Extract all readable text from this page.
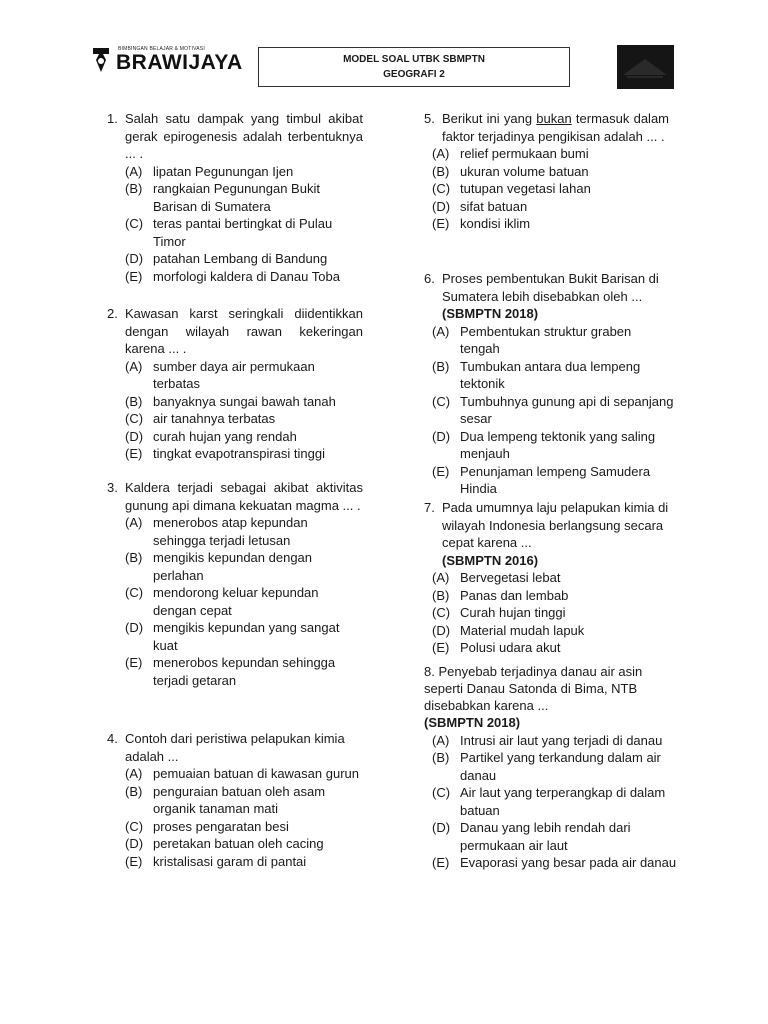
BIMBINGAN BELAJAR & MOTIVASI
BRAWIJAYA	MODEL SOAL UTBK SBMPTN
GEOGRAFI 2
1. Salah satu dampak yang timbul akibat gerak epirogenesis adalah terbentuknya ... .
(A) lipatan Pegunungan Ijen
(B) rangkaian Pegunungan Bukit Barisan di Sumatera
(C) teras pantai bertingkat di Pulau Timor
(D) patahan Lembang di Bandung
(E) morfologi kaldera di Danau Toba
2. Kawasan karst seringkali diidentikkan dengan wilayah rawan kekeringan karena ... .
(A) sumber daya air permukaan terbatas
(B) banyaknya sungai bawah tanah
(C) air tanahnya terbatas
(D) curah hujan yang rendah
(E) tingkat evapotranspirasi tinggi
3. Kaldera terjadi sebagai akibat aktivitas gunung api dimana kekuatan magma ... .
(A) menerobos atap kepundan sehingga terjadi letusan
(B) mengikis kepundan dengan perlahan
(C) mendorong keluar kepundan dengan cepat
(D) mengikis kepundan yang sangat kuat
(E) menerobos kepundan sehingga terjadi getaran
4. Contoh dari peristiwa pelapukan kimia adalah ...
(A) pemuaian batuan di kawasan gurun
(B) penguraian batuan oleh asam organik tanaman mati
(C) proses pengaratan besi
(D) peretakan batuan oleh cacing
(E) kristalisasi garam di pantai
5. Berikut ini yang bukan termasuk dalam faktor terjadinya pengikisan adalah ... .
(A) relief permukaan bumi
(B) ukuran volume batuan
(C) tutupan vegetasi lahan
(D) sifat batuan
(E) kondisi iklim
6. Proses pembentukan Bukit Barisan di Sumatera lebih disebabkan oleh ...
(SBMPTN 2018)
(A) Pembentukan struktur graben tengah
(B) Tumbukan antara dua lempeng tektonik
(C) Tumbuhnya gunung api di sepanjang sesar
(D) Dua lempeng tektonik yang saling menjauh
(E) Penunjaman lempeng Samudera Hindia
7. Pada umumnya laju pelapukan kimia di wilayah Indonesia berlangsung secara cepat karena ...
(SBMPTN 2016)
(A) Bervegetasi lebat
(B) Panas dan lembab
(C) Curah hujan tinggi
(D) Material mudah lapuk
(E) Polusi udara akut
8. Penyebab terjadinya danau air asin seperti Danau Satonda di Bima, NTB disebabkan karena ...
(SBMPTN 2018)
(A) Intrusi air laut yang terjadi di danau
(B) Partikel yang terkandung dalam air danau
(C) Air laut yang terperangkap di dalam batuan
(D) Danau yang lebih rendah dari permukaan air laut
(E) Evaporasi yang besar pada air danau
